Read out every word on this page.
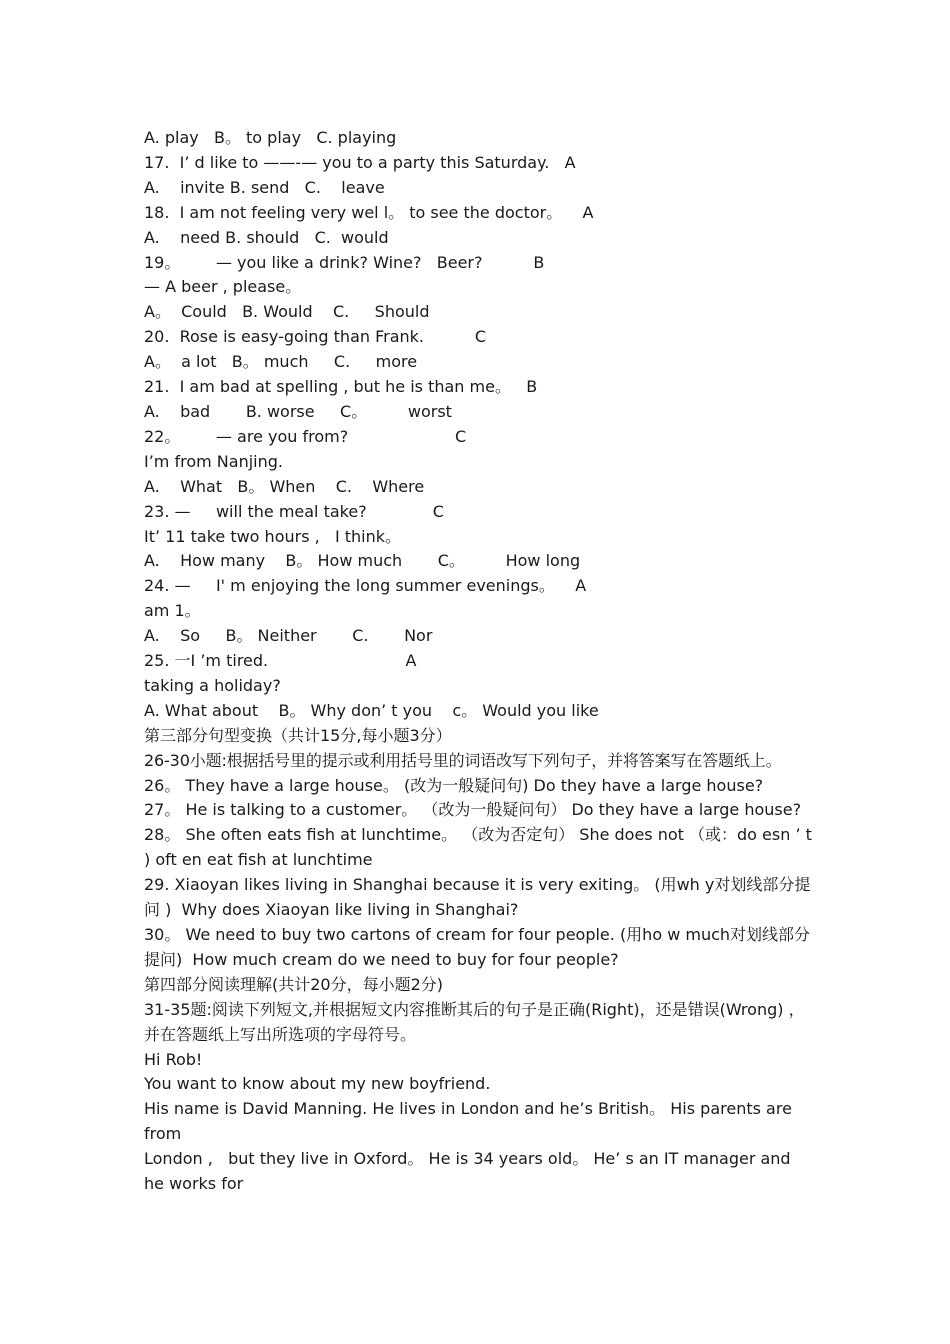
A. play   B。 to play   C. playing
17.  I’ d like to ——-— you to a party this Saturday.   A
A.    invite B. send   C.    leave
18.  I am not feeling very wel l。 to see the doctor。    A
A.    need B. should   C.  would
19。       — you like a drink? Wine?   Beer?          B
— A beer , please。
A。  Could   B. Would    C.     Should
20.  Rose is easy-going than Frank.          C
A。  a lot   B。 much     C.     more
21.  I am bad at spelling , but he is than me。   B
A.    bad       B. worse     C。        worst
22。       — are you from?                     C
I’m from Nanjing.
A.    What   B。 When    C.    Where
23. —     will the meal take?             C
It’ 11 take two hours ,   I think。
A.    How many    B。 How much       C。        How long
24. —     I' m enjoying the long summer evenings。    A
am 1。
A.    So     B。 Neither       C.       Nor
25. 一I ’m tired.                           A
taking a holiday?
A. What about    B。 Why don’ t you    c。 Would you like
第三部分句型变换（共计15分,每小题3分）
26-30小题:根据括号里的提示或利用括号里的词语改写下列句子，并将答案写在答题纸上。
26。 They have a large house。 (改为一般疑问句) Do they have a large house?
27。 He is talking to a customer。 （改为一般疑问句） Do they have a large house?
28。 She often eats fish at lunchtime。 （改为否定句） She does not （或：do esn ’ t ) oft en eat fish at lunchtime
29. Xiaoyan likes living in Shanghai because it is very exiting。 (用wh y对划线部分提问 )  Why does Xiaoyan like living in Shanghai?
30。 We need to buy two cartons of cream for four people. (用ho w much对划线部分提问)  How much cream do we need to buy for four people?
第四部分阅读理解(共计20分，每小题2分)
31-35题:阅读下列短文,并根据短文内容推断其后的句子是正确(Right)，还是错误(Wrong) ，并在答题纸上写出所选项的字母符号。
Hi Rob!
You want to know about my new boyfriend.
His name is David Manning. He lives in London and he’s British。 His parents are from
London ,   but they live in Oxford。 He is 34 years old。 He’ s an IT manager and he works for
